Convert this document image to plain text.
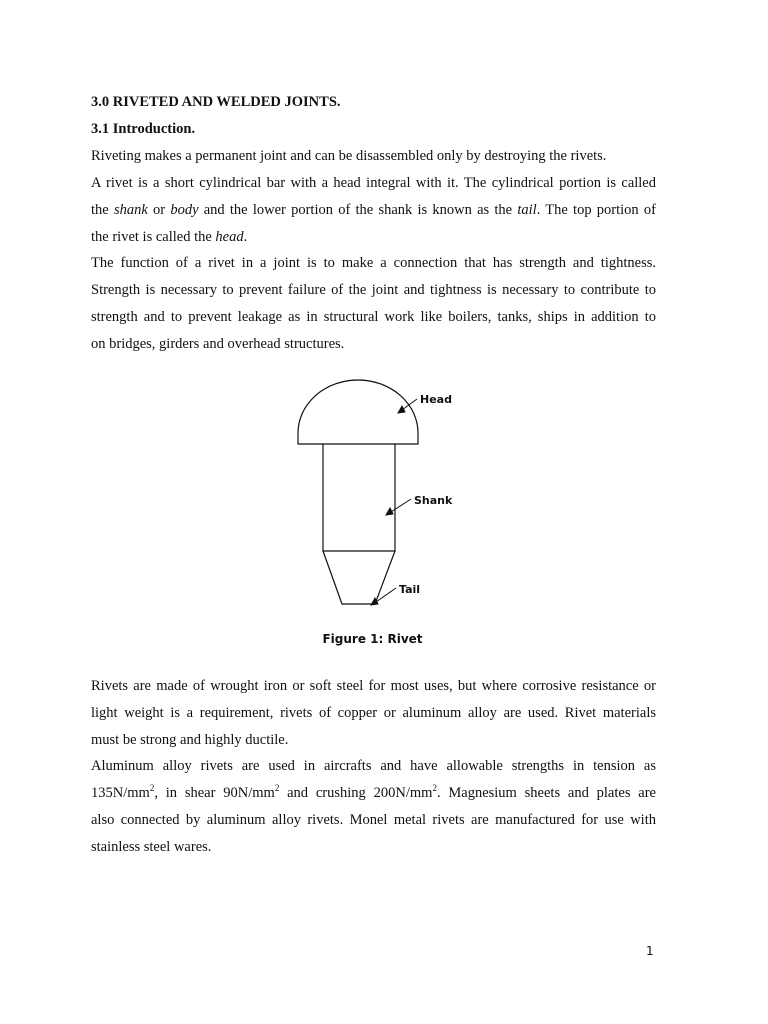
3.0 RIVETED AND WELDED JOINTS.

3.1 Introduction.

Riveting makes a permanent joint and can be disassembled only by destroying the rivets.

A rivet is a short cylindrical bar with a head integral with it. The cylindrical portion is called
the shank or body and the lower portion of the shank is known as the tail. The top portion of
the rivet is called the head.

The function of a rivet in a joint is to make a connection that has strength and tightness.
Strength is necessary to prevent failure of the joint and tightness is necessary to contribute to
strength and to prevent leakage as in structural work like boilers, tanks, ships in addition to
on bridges, girders and overhead structures.

Head
Shank
Tail

Figure 1: Rivet

Rivets are made of wrought iron or soft steel for most uses, but where corrosive resistance or
light weight is a requirement, rivets of copper or aluminum alloy are used. Rivet materials
must be strong and highly ductile.

Aluminum alloy rivets are used in aircrafts and have allowable strengths in tension as
$135N/mm^2$, in shear $90N/mm^2$ and crushing $200N/mm^2$. Magnesium sheets and plates are
also connected by aluminum alloy rivets. Monel metal rivets are manufactured for use with
stainless steel wares.

1
